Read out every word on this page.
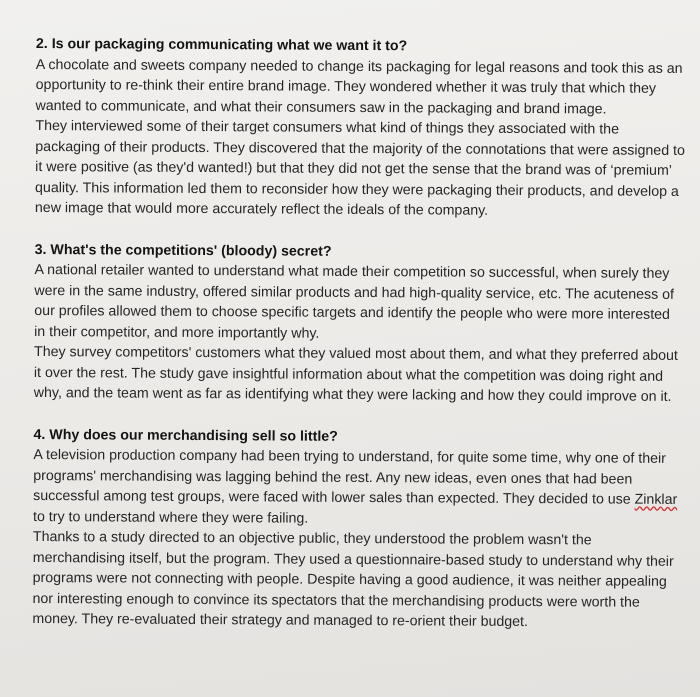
2. Is our packaging communicating what we want it to?

A chocolate and sweets company needed to change its packaging for legal reasons and took this as an opportunity to re-think their entire brand image. They wondered whether it was truly that which they wanted to communicate, and what their consumers saw in the packaging and brand image.

They interviewed some of their target consumers what kind of things they associated with the packaging of their products. They discovered that the majority of the connotations that were assigned to it were positive (as they'd wanted!) but that they did not get the sense that the brand was of ‘premium’ quality. This information led them to reconsider how they were packaging their products, and develop a new image that would more accurately reflect the ideals of the company.

3. What's the competitions' (bloody) secret?

A national retailer wanted to understand what made their competition so successful, when surely they were in the same industry, offered similar products and had high-quality service, etc. The acuteness of our profiles allowed them to choose specific targets and identify the people who were more interested in their competitor, and more importantly why.

They survey competitors' customers what they valued most about them, and what they preferred about it over the rest. The study gave insightful information about what the competition was doing right and why, and the team went as far as identifying what they were lacking and how they could improve on it.

4. Why does our merchandising sell so little?

A television production company had been trying to understand, for quite some time, why one of their programs' merchandising was lagging behind the rest. Any new ideas, even ones that had been successful among test groups, were faced with lower sales than expected. They decided to use Zinklar to try to understand where they were failing.

Thanks to a study directed to an objective public, they understood the problem wasn't the merchandising itself, but the program. They used a questionnaire-based study to understand why their programs were not connecting with people. Despite having a good audience, it was neither appealing nor interesting enough to convince its spectators that the merchandising products were worth the money. They re-evaluated their strategy and managed to re-orient their budget.
